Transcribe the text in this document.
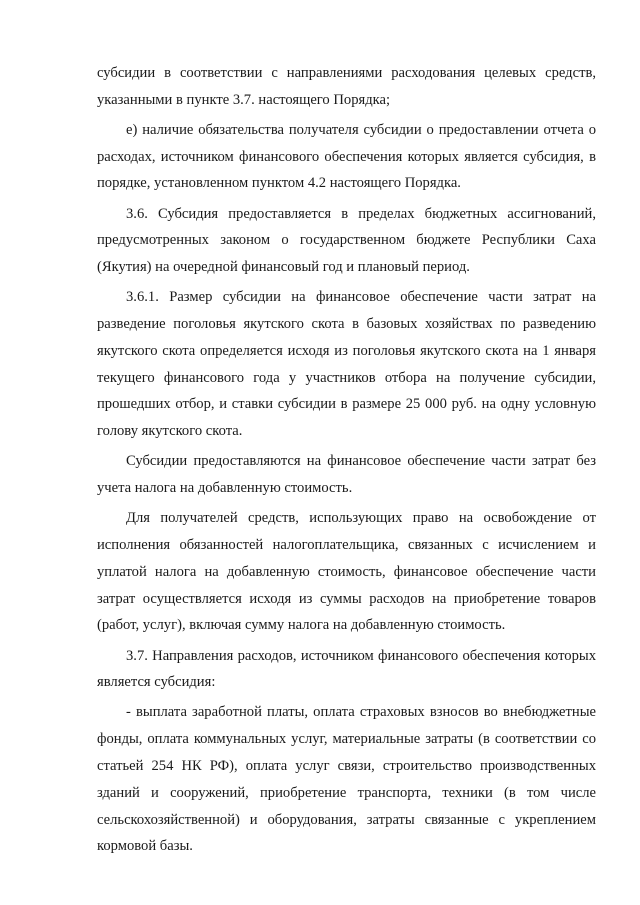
субсидии в соответствии с направлениями расходования целевых средств, указанными в пункте 3.7. настоящего Порядка;

е) наличие обязательства получателя субсидии о предоставлении отчета о расходах, источником финансового обеспечения которых является субсидия, в порядке, установленном пунктом 4.2 настоящего Порядка.

3.6. Субсидия предоставляется в пределах бюджетных ассигнований, предусмотренных законом о государственном бюджете Республики Саха (Якутия) на очередной финансовый год и плановый период.

3.6.1. Размер субсидии на финансовое обеспечение части затрат на разведение поголовья якутского скота в базовых хозяйствах по разведению якутского скота определяется исходя из поголовья якутского скота на 1 января текущего финансового года у участников отбора на получение субсидии, прошедших отбор, и ставки субсидии в размере 25 000 руб. на одну условную голову якутского скота.

Субсидии предоставляются на финансовое обеспечение части затрат без учета налога на добавленную стоимость.

Для получателей средств, использующих право на освобождение от исполнения обязанностей налогоплательщика, связанных с исчислением и уплатой налога на добавленную стоимость, финансовое обеспечение части затрат осуществляется исходя из суммы расходов на приобретение товаров (работ, услуг), включая сумму налога на добавленную стоимость.

3.7. Направления расходов, источником финансового обеспечения которых является субсидия:

- выплата заработной платы, оплата страховых взносов во внебюджетные фонды, оплата коммунальных услуг, материальные затраты (в соответствии со статьей 254 НК РФ), оплата услуг связи, строительство производственных зданий и сооружений, приобретение транспорта, техники (в том числе сельскохозяйственной) и оборудования, затраты связанные с укреплением кормовой базы.
